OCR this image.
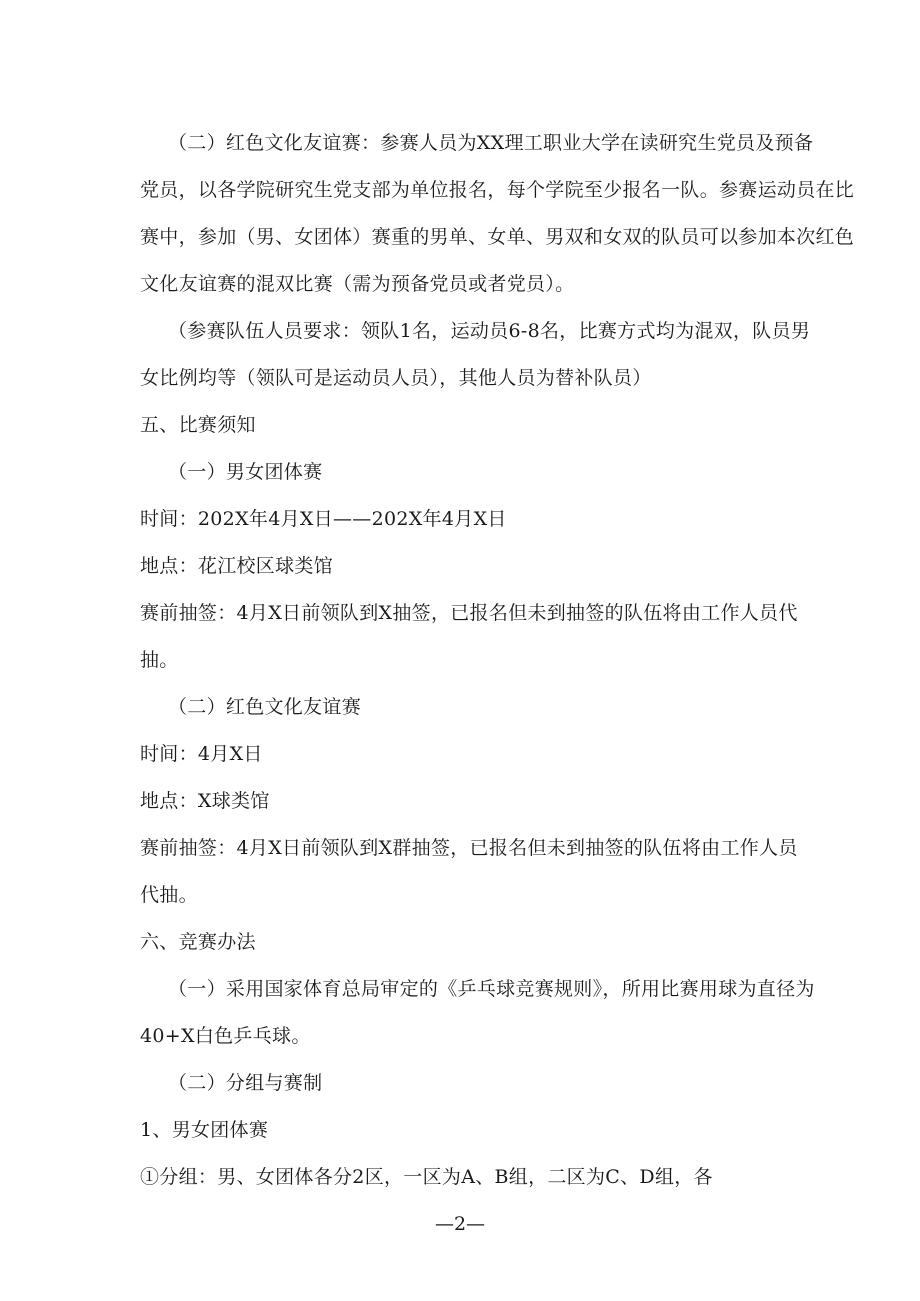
（二）红色文化友谊赛：参赛人员为XX理工职业大学在读研究生党员及预备
党员，以各学院研究生党支部为单位报名，每个学院至少报名一队。参赛运动员在比
赛中，参加（男、女团体）赛重的男单、女单、男双和女双的队员可以参加本次红色
文化友谊赛的混双比赛（需为预备党员或者党员）。
（参赛队伍人员要求：领队1名，运动员6-8名，比赛方式均为混双，队员男
女比例均等（领队可是运动员人员），其他人员为替补队员）
五、比赛须知
（一）男女团体赛
时间：202X年4月X日——202X年4月X日
地点：花江校区球类馆
赛前抽签：4月X日前领队到X抽签，已报名但未到抽签的队伍将由工作人员代
抽。
（二）红色文化友谊赛
时间：4月X日
地点：X球类馆
赛前抽签：4月X日前领队到X群抽签，已报名但未到抽签的队伍将由工作人员
代抽。
六、竞赛办法
（一）采用国家体育总局审定的《乒乓球竞赛规则》，所用比赛用球为直径为
40+X白色乒乓球。
（二）分组与赛制
1、男女团体赛
①分组：男、女团体各分2区，一区为A、B组，二区为C、D组，各
—2—
